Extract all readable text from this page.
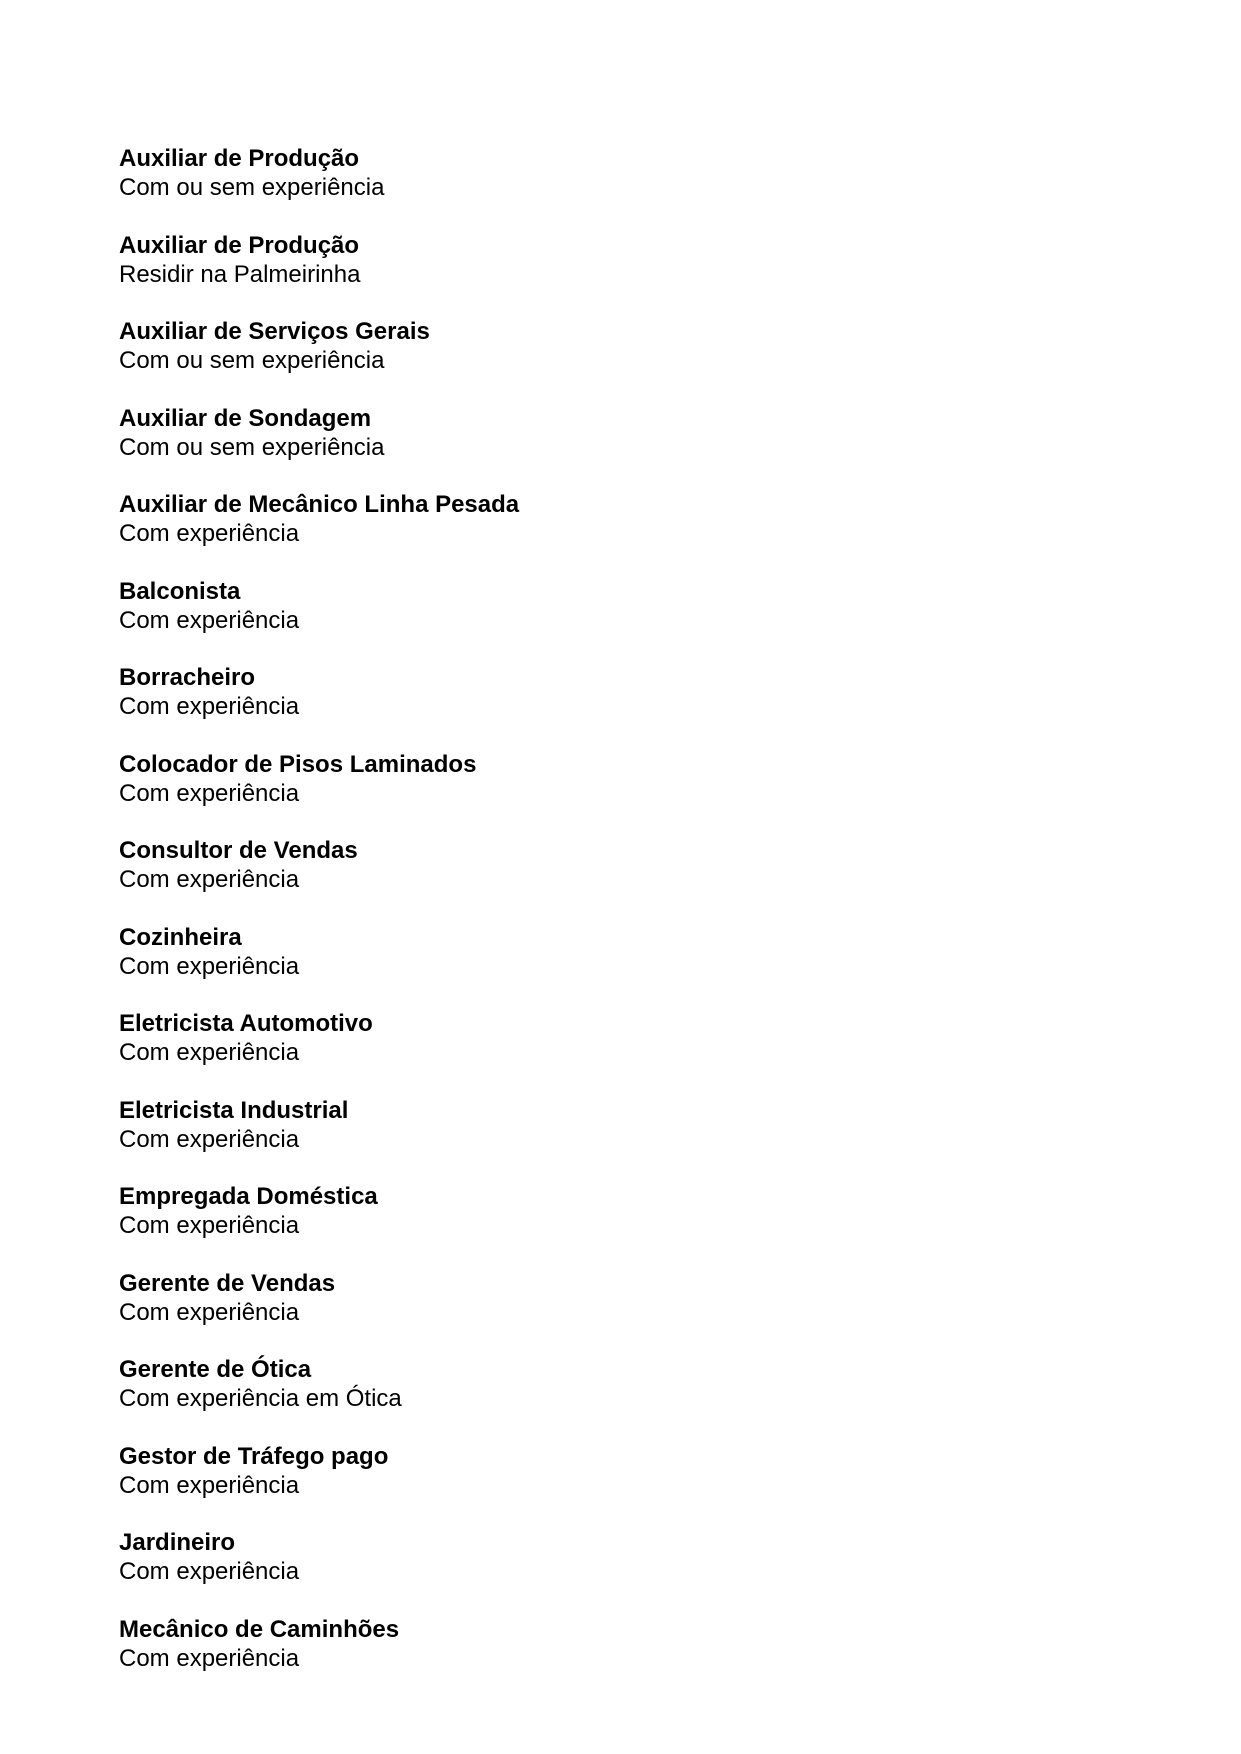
Auxiliar de Produção
Com ou sem experiência
Auxiliar de Produção
Residir na Palmeirinha
Auxiliar de Serviços Gerais
Com ou sem experiência
Auxiliar de Sondagem
Com ou sem experiência
Auxiliar de Mecânico Linha Pesada
Com experiência
Balconista
Com experiência
Borracheiro
Com experiência
Colocador de Pisos Laminados
Com experiência
Consultor de Vendas
Com experiência
Cozinheira
Com experiência
Eletricista Automotivo
Com experiência
Eletricista Industrial
Com experiência
Empregada Doméstica
Com experiência
Gerente de Vendas
Com experiência
Gerente de Ótica
Com experiência em Ótica
Gestor de Tráfego pago
Com experiência
Jardineiro
Com experiência
Mecânico de Caminhões
Com experiência
